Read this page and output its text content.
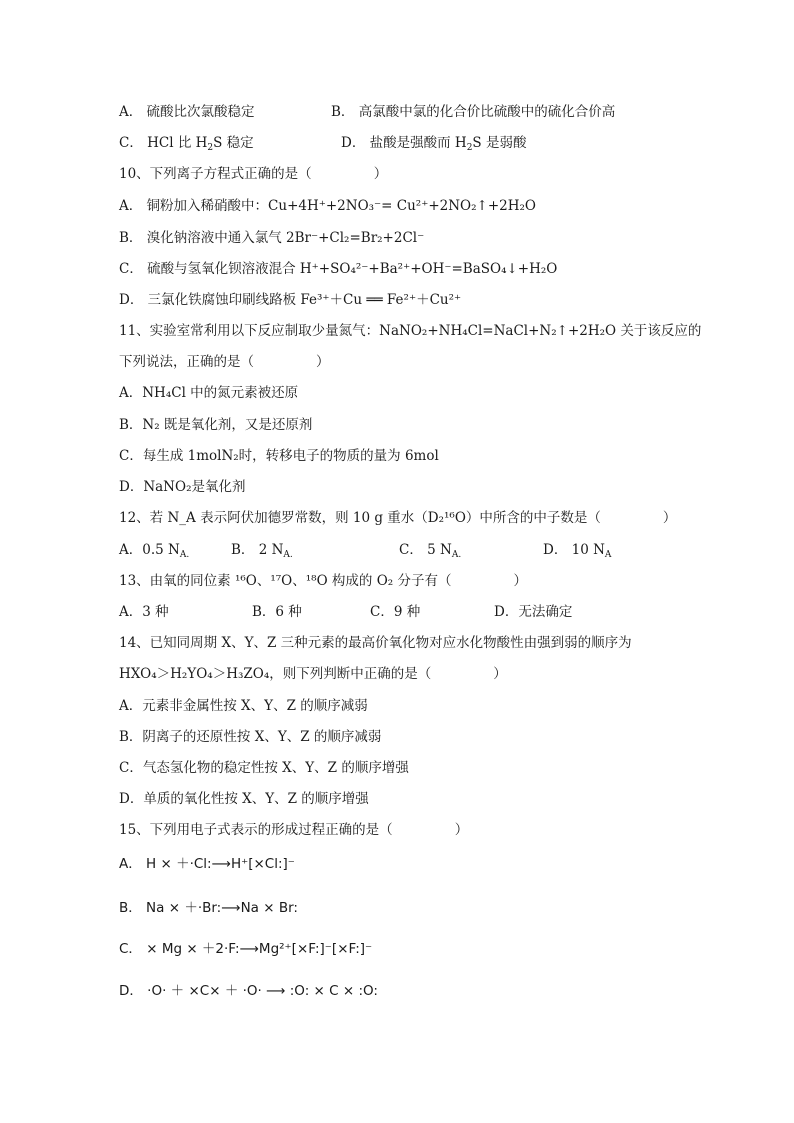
A． 硫酸比次氯酸稳定	B． 高氯酸中氯的化合价比硫酸中的硫化合价高
C． HCl 比 $H_2S$ 稳定	D． 盐酸是强酸而 $H_2S$ 是弱酸
10、下列离子方程式正确的是（	）
A． 铜粉加入稀硝酸中：Cu+4H⁺+2NO₃⁻= Cu²⁺+2NO₂↑+2H₂O
B． 溴化钠溶液中通入氯气 2Br⁻+Cl₂=Br₂+2Cl⁻
C． 硫酸与氢氧化钡溶液混合 H⁺+SO₄²⁻+Ba²⁺+OH⁻=BaSO₄↓+H₂O
D． 三氯化铁腐蚀印刷线路板 Fe³⁺＋Cu ══ Fe²⁺＋Cu²⁺
11、实验室常利用以下反应制取少量氮气：NaNO₂+NH₄Cl=NaCl+N₂↑+2H₂O 关于该反应的
下列说法，正确的是（	）
A．NH₄Cl 中的氮元素被还原
B．N₂ 既是氧化剂，又是还原剂
C．每生成 1molN₂时，转移电子的物质的量为 6mol
D．NaNO₂是氧化剂
12、若 N_A 表示阿伏加德罗常数，则 10 g 重水（D₂¹⁶O）中所含的中子数是（	）
A．0.5 $N_{A.}$	B． 2 $N_{A.}$	C． 5 $N_{A.}$	D． 10 $N_A$
13、由氧的同位素 ¹⁶O、¹⁷O、¹⁸O 构成的 O₂ 分子有（	）
A．3 种	B．6 种	C．9 种	D．无法确定
14、已知同周期 X、Y、Z 三种元素的最高价氧化物对应水化物酸性由强到弱的顺序为
HXO₄＞H₂YO₄＞H₃ZO₄，则下列判断中正确的是（	）
A．元素非金属性按 X、Y、Z 的顺序减弱
B．阴离子的还原性按 X、Y、Z 的顺序减弱
C．气态氢化物的稳定性按 X、Y、Z 的顺序增强
D．单质的氧化性按 X、Y、Z 的顺序增强
15、下列用电子式表示的形成过程正确的是（	）
A． H × ＋·Cl:⟶H⁺[×Cl:]⁻
B． Na × ＋·Br:⟶Na × Br:
C． × Mg × ＋2·F:⟶Mg²⁺[×F:]⁻[×F:]⁻
D． ·O· ＋ ×C× ＋ ·O· ⟶ :O: × C × :O:
